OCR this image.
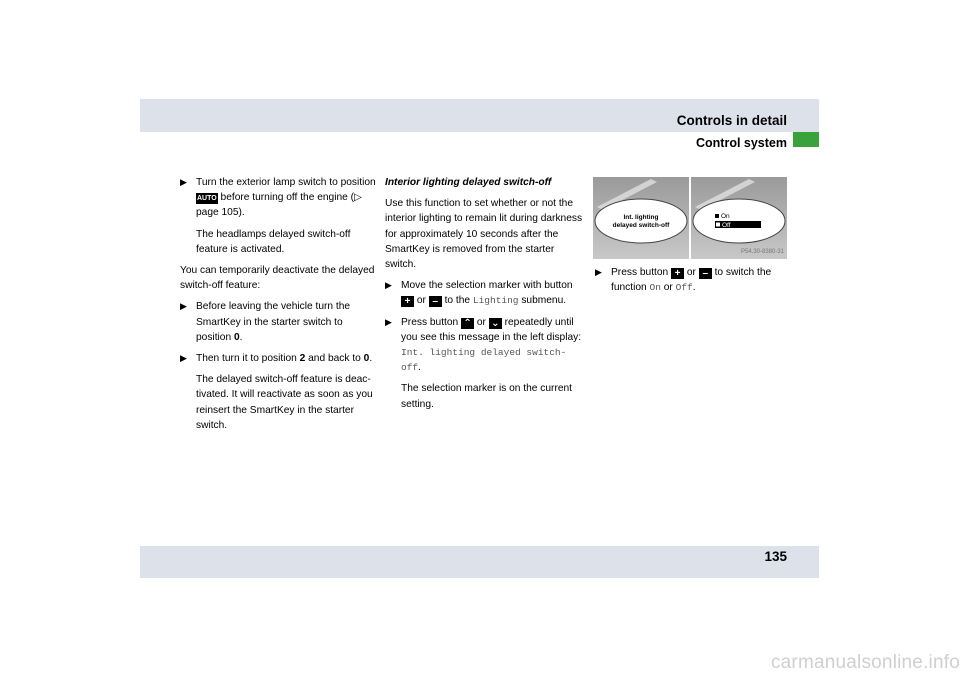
Controls in detail
Control system
▶ Turn the exterior lamp switch to position AUTO before turning off the engine (▷ page 105).

The headlamps delayed switch-off feature is activated.

You can temporarily deactivate the delayed switch-off feature:

▶ Before leaving the vehicle turn the SmartKey in the starter switch to position 0.
▶ Then turn it to position 2 and back to 0.

The delayed switch-off feature is deactivated. It will reactivate as soon as you reinsert the SmartKey in the starter switch.

Interior lighting delayed switch-off

Use this function to set whether or not the interior lighting to remain lit during darkness for approximately 10 seconds after the SmartKey is removed from the starter switch.

▶ Move the selection marker with button + or – to the Lighting submenu.
▶ Press button ⌃ or ⌄ repeatedly until you see this message in the left display: Int. lighting delayed switch-off.

The selection marker is on the current setting.

Int. lighting
delayed switch-off
On
Off
P54.30-8380-31
▶ Press button + or – to switch the function On or Off.
135
carmanualsonline.info
